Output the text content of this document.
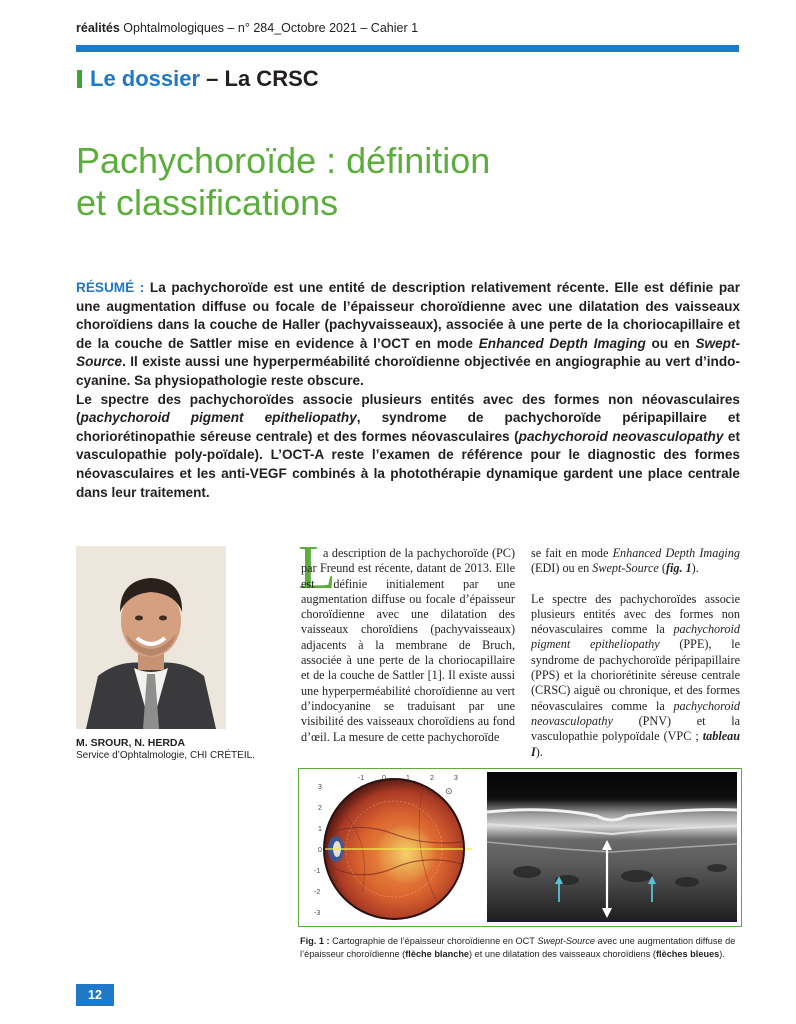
réalités Ophtalmologiques – n° 284_Octobre 2021 – Cahier 1
Le dossier – La CRSC
Pachychoroïde : définition
et classifications

RÉSUMÉ : La pachychoroïde est une entité de description relativement récente. Elle est définie par une augmentation diffuse ou focale de l’épaisseur choroïdienne avec une dilatation des vaisseaux choroïdiens dans la couche de Haller (pachyvaisseaux), associée à une perte de la choriocapillaire et de la couche de Sattler mise en evidence à l’OCT en mode Enhanced Depth Imaging ou en Swept-Source. Il existe aussi une hyperperméabilité choroïdienne objectivée en angiographie au vert d’indo-cyanine. Sa physiopathologie reste obscure.

Le spectre des pachychoroïdes associe plusieurs entités avec des formes non néovasculaires (pachychoroid pigment epitheliopathy, syndrome de pachychoroïde péripapillaire et choriorétinopathie séreuse centrale) et des formes néovasculaires (pachychoroid neovasculopathy et vasculopathie poly-poïdale). L’OCT-A reste l’examen de référence pour le diagnostic des formes néovasculaires et les anti-VEGF combinés à la photothérapie dynamique gardent une place centrale dans leur traitement.

M. SROUR, N. HERDA
Service d’Ophtalmologie, CHI CRÉTEIL.
L

a description de la pachychoroïde (PC) par Freund est récente, datant de 2013. Elle est définie initialement par une augmentation diffuse ou focale d’épaisseur choroïdienne avec une dilatation des vaisseaux choroïdiens (pachyvaisseaux) adjacents à la membrane de Bruch, associée à une perte de la choriocapillaire et de la couche de Sattler [1]. Il existe aussi une hyperperméabilité choroïdienne au vert d’indocyanine se traduisant par une visibilité des vaisseaux choroïdiens au fond d’œil. La mesure de cette pachychoroïde

se fait en mode Enhanced Depth Imaging (EDI) ou en Swept-Source (fig. 1).

Le spectre des pachychoroïdes associe plusieurs entités avec des formes non néovasculaires comme la pachychoroid pigment epitheliopathy (PPE), le syndrome de pachychoroïde péripapillaire (PPS) et la choriorétinite séreuse centrale (CRSC) aiguë ou chronique, et des formes néovasculaires comme la pachychoroid neovasculopathy (PNV) et la vasculopathie polypoïdale (VPC ; tableau I).

⊙
3
2
1
0
-1
-2
-3
-1	0	1	2	3
Fig. 1 : Cartographie de l’épaisseur choroïdienne en OCT Swept-Source avec une augmentation diffuse de l’épaisseur choroïdienne (flèche blanche) et une dilatation des vaisseaux choroïdiens (flèches bleues).
12
